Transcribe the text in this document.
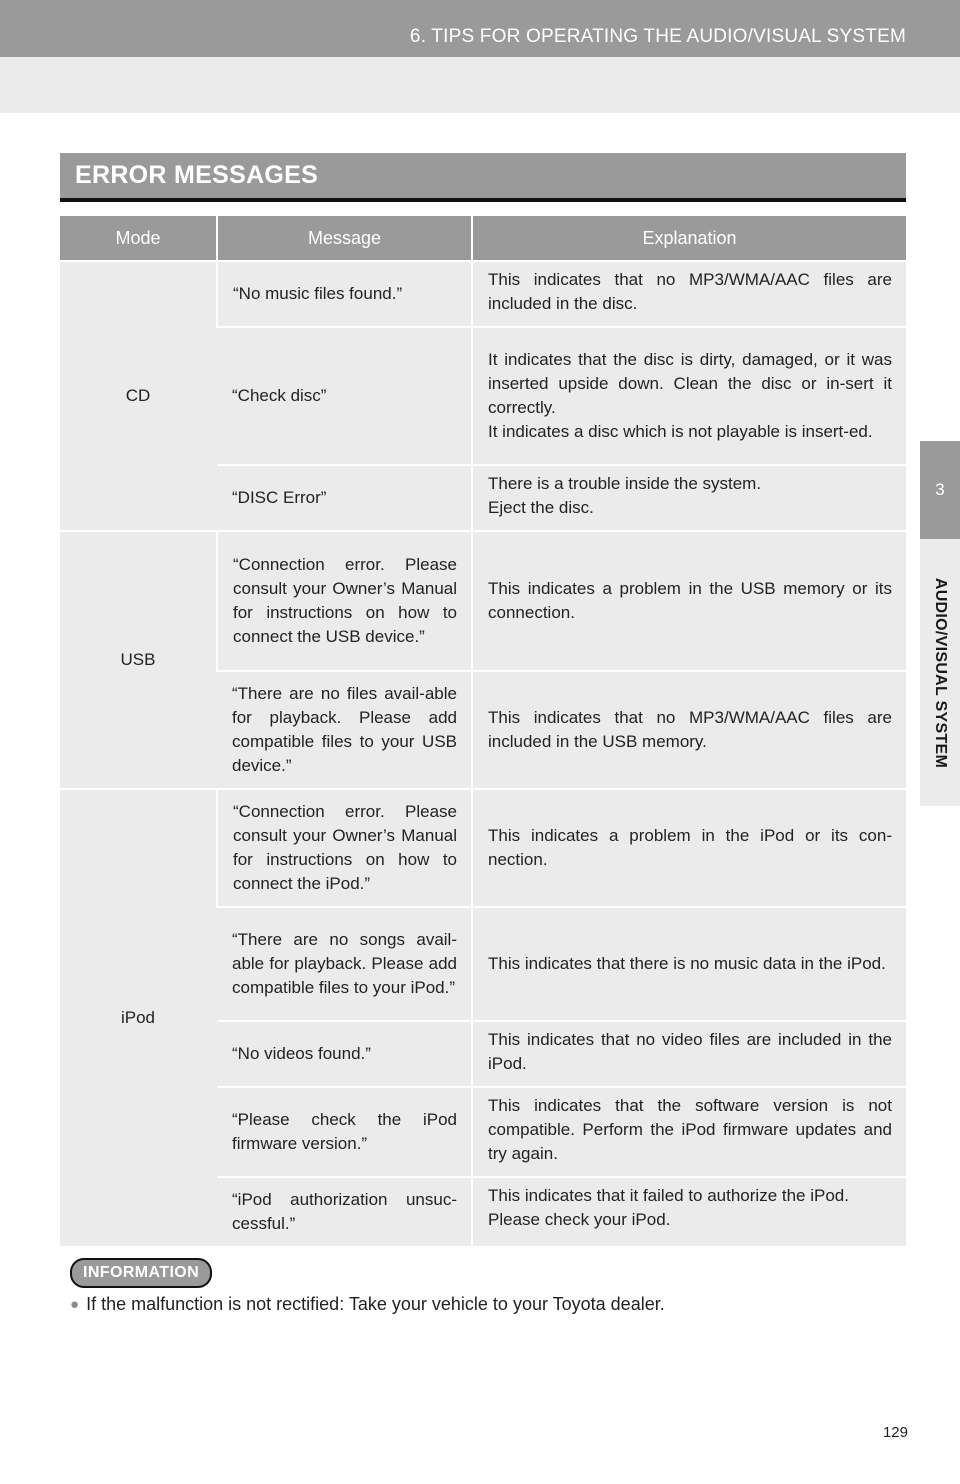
6. TIPS FOR OPERATING THE AUDIO/VISUAL SYSTEM
3
AUDIO/VISUAL SYSTEM
ERROR MESSAGES
Mode	Message	Explanation
CD	“No music files found.”	This indicates that no MP3/WMA/AAC files are included in the disc.
	“Check disc”	It indicates that the disc is dirty, damaged, or it was inserted upside down. Clean the disc or in-sert it correctly.
It indicates a disc which is not playable is insert-ed.

	“DISC Error”	There is a trouble inside the system.
Eject the disc.

USB	“Connection error. Please consult your Owner’s Manual for instructions on how to connect the USB device.”	This indicates a problem in the USB memory or its connection.
	“There are no files avail-able for playback. Please add compatible files to your USB device.”	This indicates that no MP3/WMA/AAC files are included in the USB memory.
iPod	“Connection error. Please consult your Owner’s Manual for instructions on how to connect the iPod.”	This indicates a problem in the iPod or its con-nection.
	“There are no songs avail-able for playback. Please add compatible files to your iPod.”	This indicates that there is no music data in the iPod.
	“No videos found.”	This indicates that no video files are included in the iPod.
	“Please check the iPod firmware version.”	This indicates that the software version is not compatible. Perform the iPod firmware updates and try again.
	“iPod authorization unsuc-cessful.”	This indicates that it failed to authorize the iPod.
Please check your iPod.
INFORMATION
● If the malfunction is not rectified: Take your vehicle to your Toyota dealer.
129
